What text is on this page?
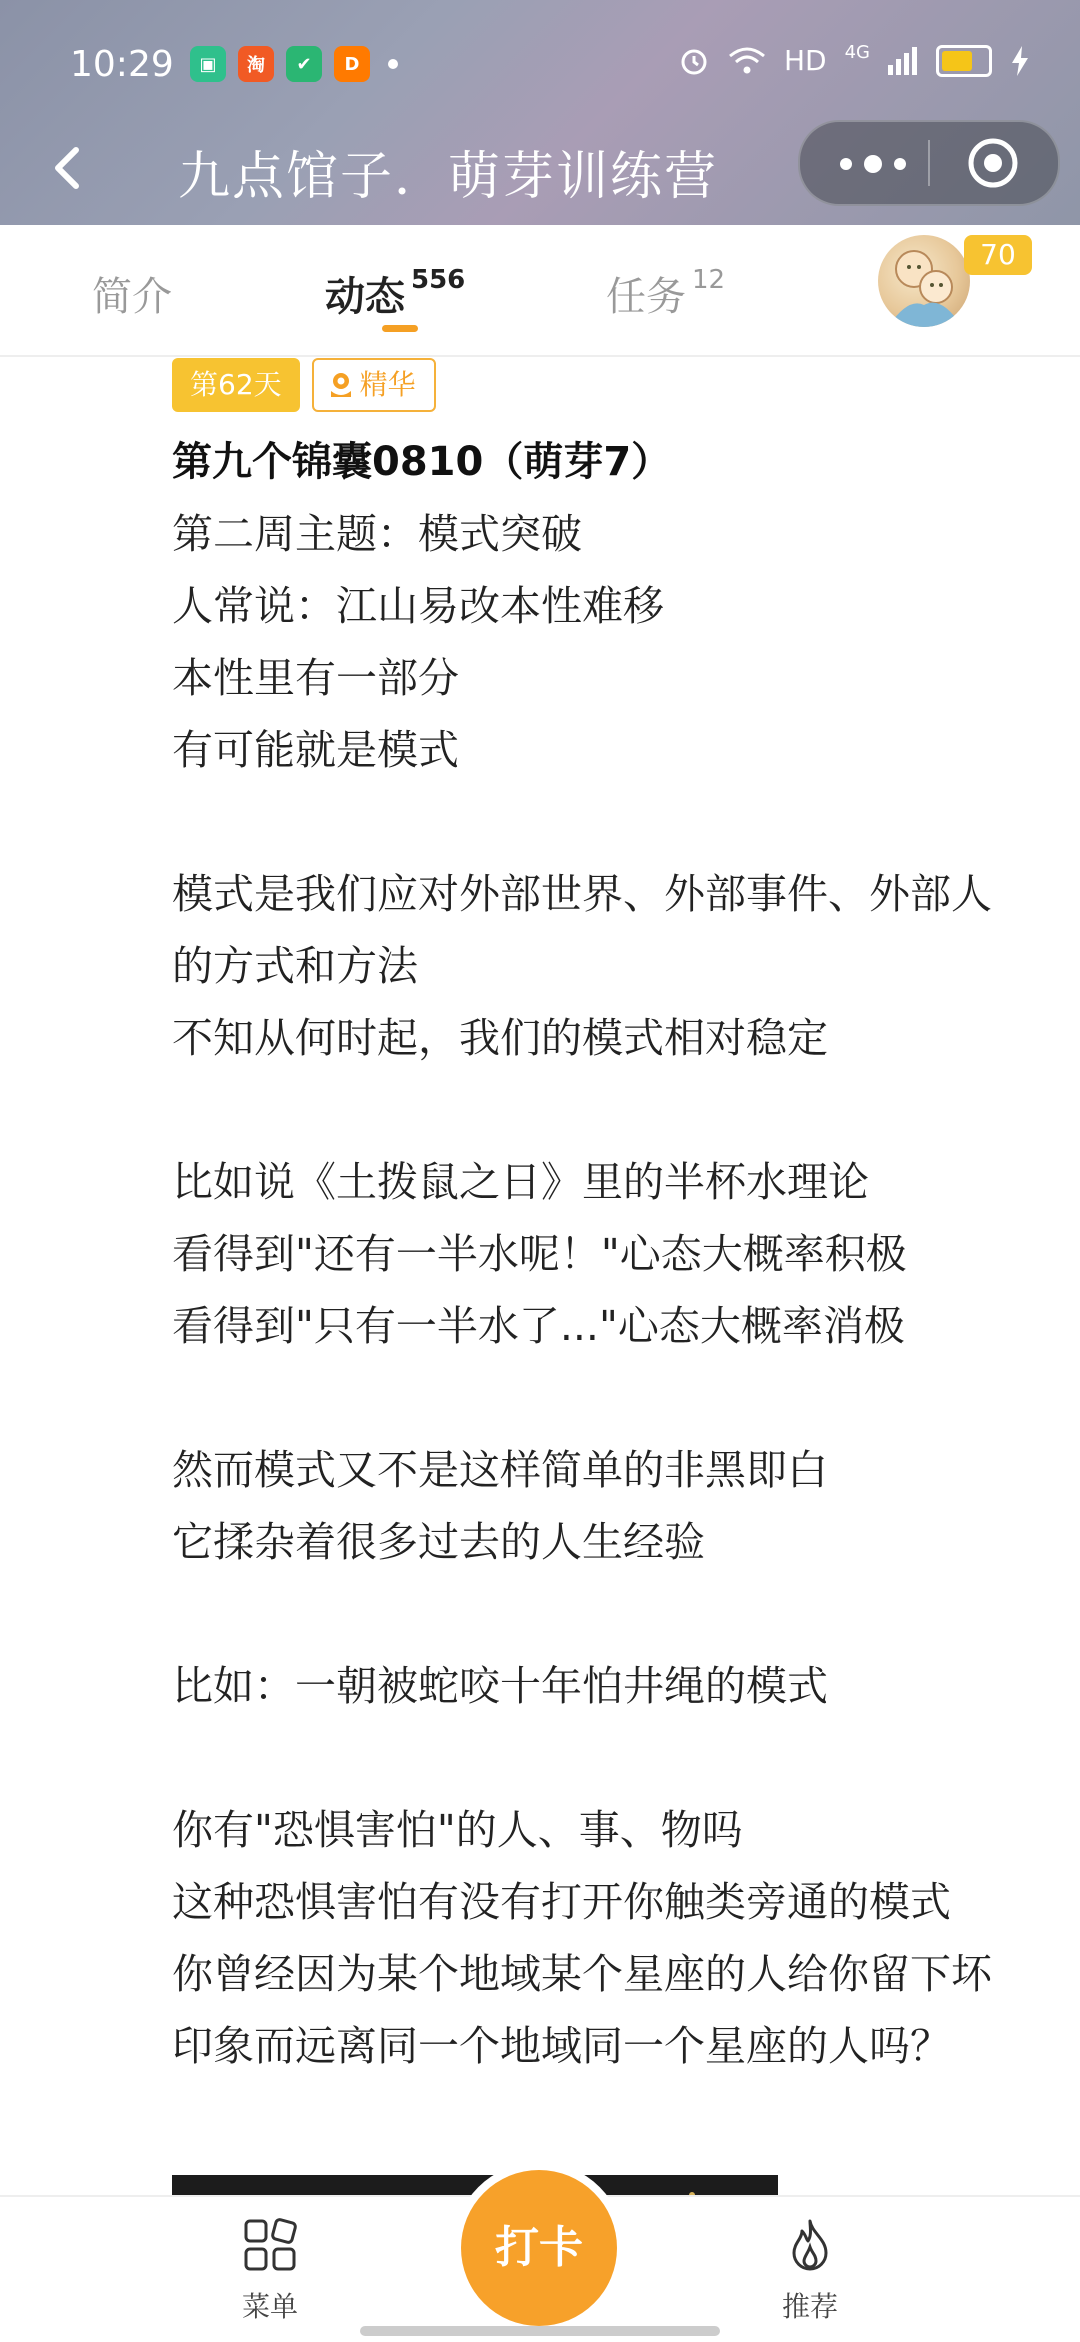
10:29	▣	淘	✔	D	HD 4G
九点馆子．萌芽训练营
简介	动态 $^{556}$	任务 $^{12}$
70
第62天	精华
第九个锦囊0810（萌芽7）
第二周主题：模式突破
人常说：江山易改本性难移
本性里有一部分
有可能就是模式

模式是我们应对外部世界、外部事件、外部人的方式和方法
不知从何时起，我们的模式相对稳定

比如说《土拨鼠之日》里的半杯水理论
看得到"还有一半水呢！"心态大概率积极
看得到"只有一半水了..."心态大概率消极

然而模式又不是这样简单的非黑即白
它揉杂着很多过去的人生经验

比如：一朝被蛇咬十年怕井绳的模式

你有"恐惧害怕"的人、事、物吗
这种恐惧害怕有没有打开你触类旁通的模式
你曾经因为某个地域某个星座的人给你留下坏印象而远离同一个地域同一个星座的人吗？
菜单	推荐
打卡
